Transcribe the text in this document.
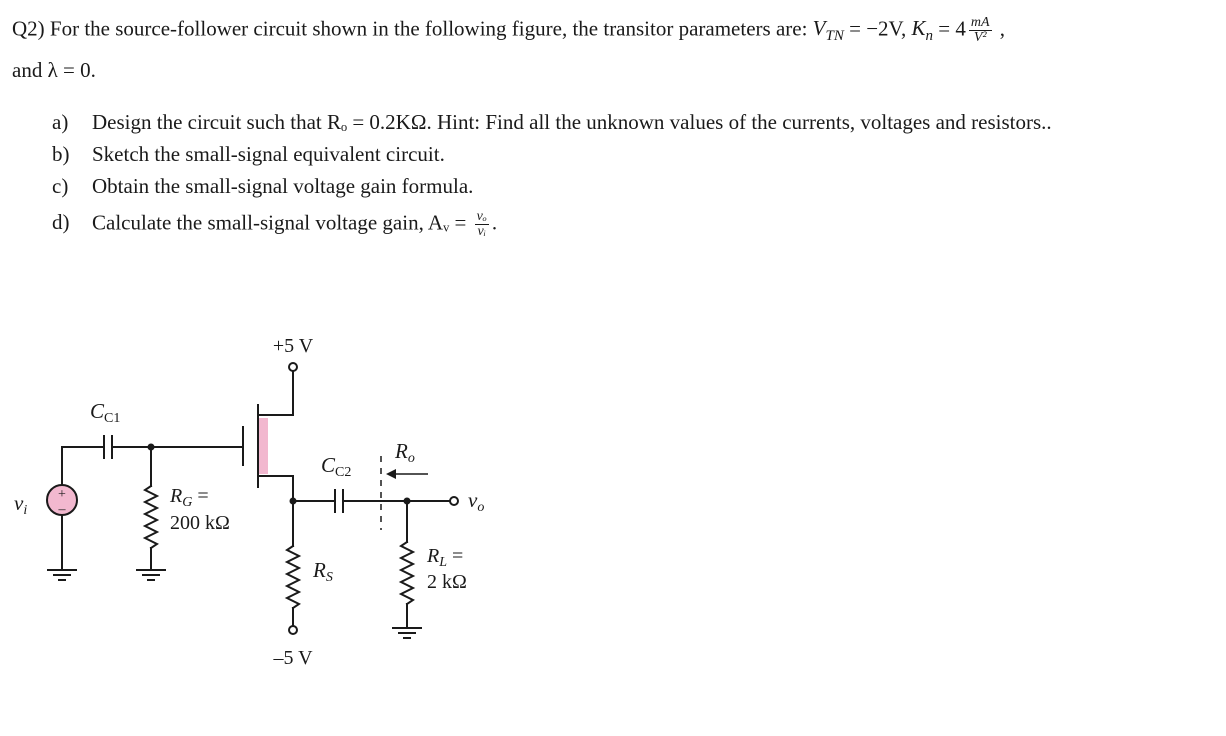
Q2) For the source-follower circuit shown in the following figure, the transitor parameters are: $V_{TN} = -2V$, $K_n = 4 \frac{mA}{\text{V²}}$ ,
and λ = 0.
a) Design the circuit such that Rₒ = 0.2KΩ. Hint: Find all the unknown values of the currents, voltages and resistors..
b) Sketch the small-signal equivalent circuit.
c) Obtain the small-signal voltage gain formula.
d) Calculate the small-signal voltage gain, Aᵥ = $\frac{\text{vₒ}}{\text{vᵢ}}$ .
+5 V
–5 V
CC1
CC2
$R_G$ =
200 kΩ
RS
$R_L$ =
2 kΩ
Ro
vi	vo
+
–
